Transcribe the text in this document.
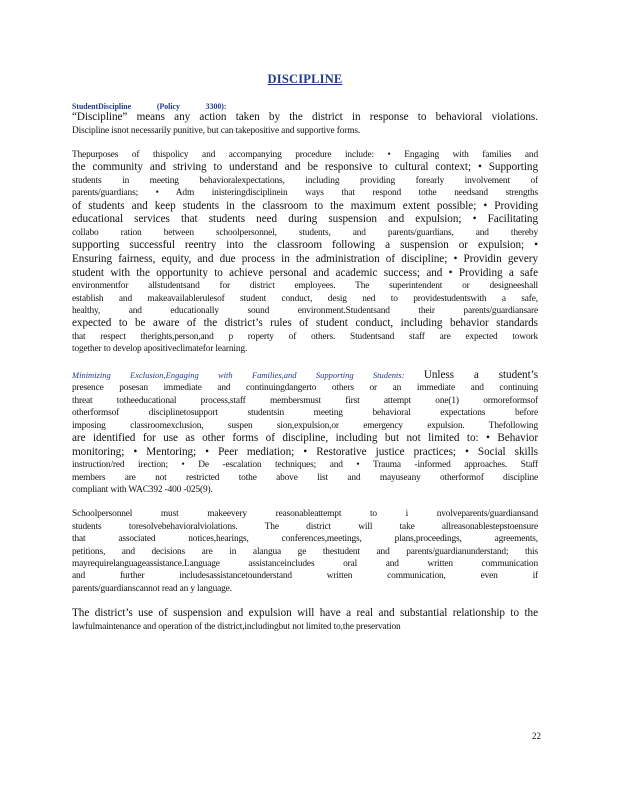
DISCIPLINE
StudentDiscipline	(Policy	3300):
“Discipline” means any action taken by the district in response to behavioral violations.
Discipline isnot necessarily punitive, but can takepositive and supportive forms.
Thepurposes of thispolicy and accompanying procedure include: • Engaging with families and
the community and striving to understand and be responsive to cultural context; • Supporting
students in meeting behavioralexpectations, including providing forearly involvement of
parents/guardians; • Adm inisteringdisciplinein ways that respond tothe needsand strengths
of students and keep students in the classroom to the maximum extent possible; • Providing
educational services that students need during suspension and expulsion; • Facilitating
collabo ration between schoolpersonnel, students, and parents/guardians, and thereby
supporting successful reentry into the classroom following a suspension or expulsion; •
Ensuring fairness, equity, and due process in the administration of discipline; • Providin gevery
student with the opportunity to achieve personal and academic success; and • Providing a safe
environmentfor allstudentsand for district employees. The superintendent or designeeshall
establish and makeavailablerulesof student conduct, desig ned to providestudentswith a safe,
healthy, and educationally sound environment.Studentsand their parents/guardiansare
expected to be aware of the district’s rules of student conduct, including behavior standards
that respect therights,person,and p roperty of others. Studentsand staff are expected towork
together to develop apositiveclimatefor learning.
Minimizing Exclusion,Engaging with Families,and Supporting Students: Unless a student’s
presence posesan immediate and continuingdangerto others or an immediate and continuing
threat totheeducational process,staff membersmust first attempt one(1) ormoreformsof
otherformsof disciplinetosupport studentsin meeting behavioral expectations before
imposing classroomexclusion, suspen sion,expulsion,or emergency expulsion. Thefollowing
are identified for use as other forms of discipline, including but not limited to: • Behavior
monitoring; • Mentoring; • Peer mediation; • Restorative justice practices; • Social skills
instruction/red irection; • De -escalation techniques; and • Trauma -informed approaches. Staff
members are not restricted tothe above list and mayuseany otherformof discipline
compliant with WAC392 -400 -025(9).
Schoolpersonnel must makeevery reasonableattempt to i nvolveparents/guardiansand
students toresolvebehavioralviolations. The district will take allreasonablestepstoensure
that associated notices,hearings, conferences,meetings, plans,proceedings, agreements,
petitions, and decisions are in alangua ge thestudent and parents/guardianunderstand; this
mayrequirelanguageassistance.Language assistanceincludes oral and written communication
and further includesassistancetounderstand written communication, even if
parents/guardianscannot read an y language.
The district’s use of suspension and expulsion will have a real and substantial relationship to the
lawfulmaintenance and operation of the district,includingbut not limited to,the preservation
22
